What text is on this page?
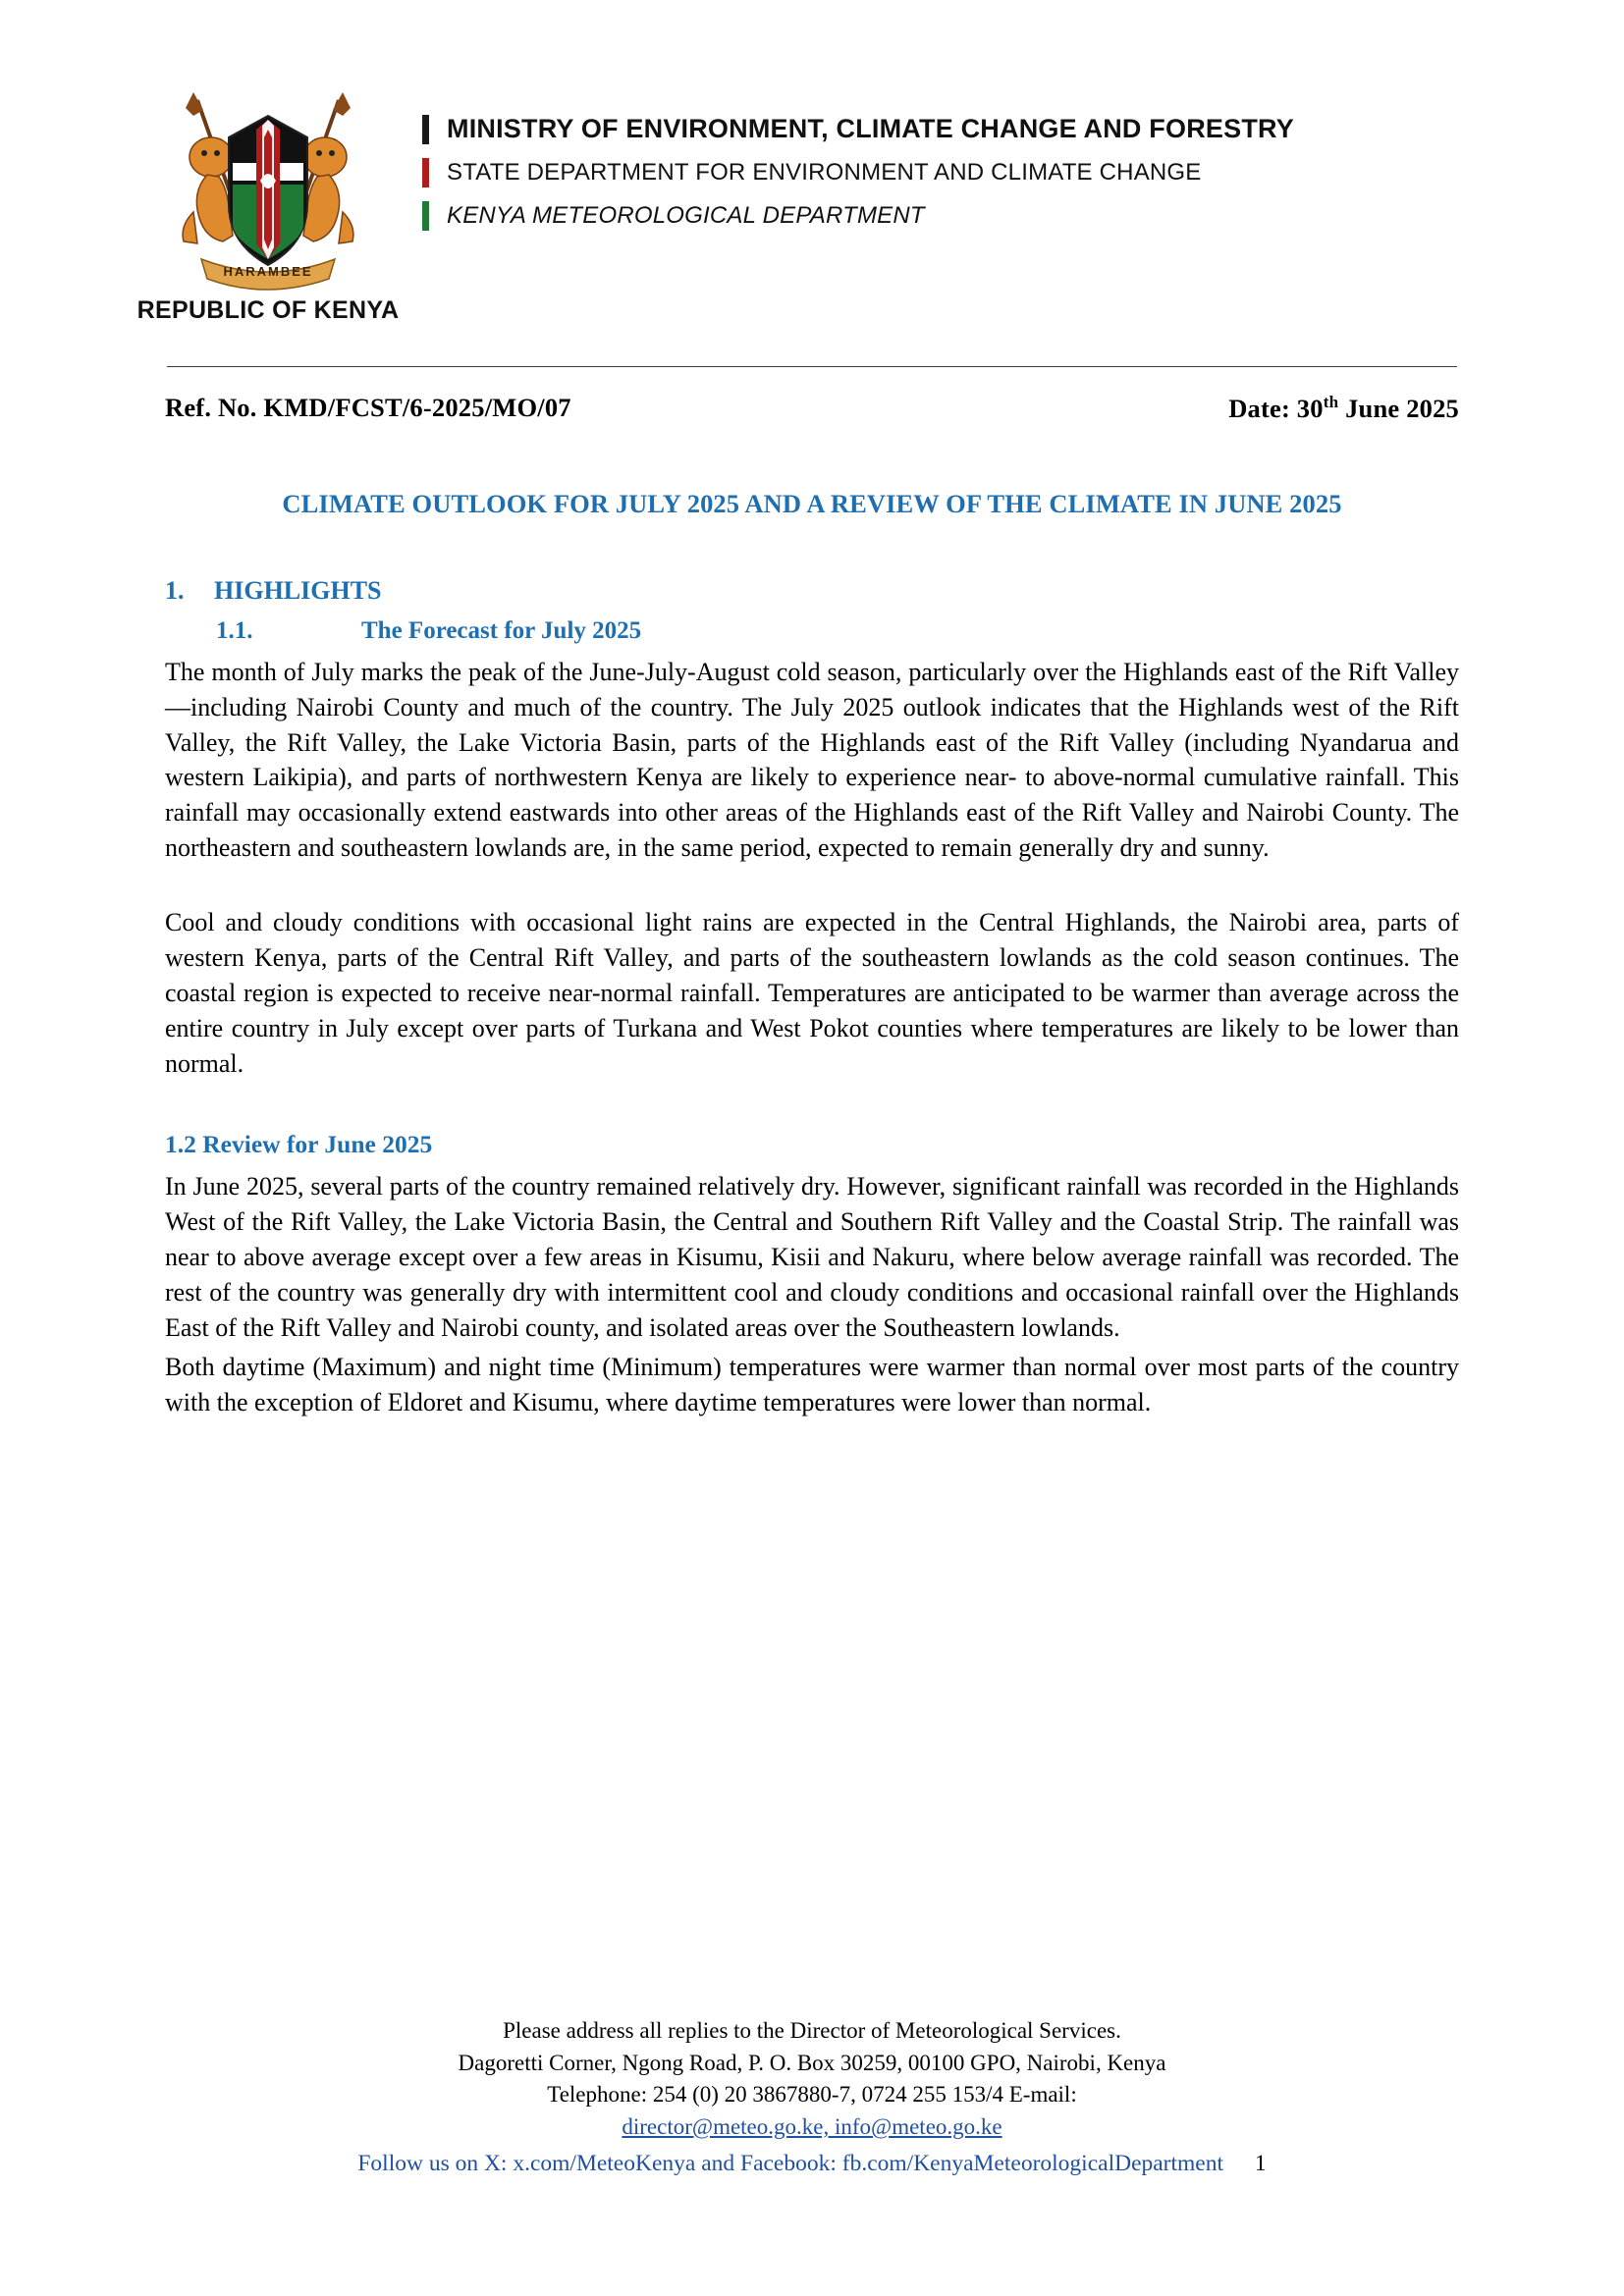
HARAMBEE
REPUBLIC OF KENYA
MINISTRY OF ENVIRONMENT, CLIMATE CHANGE AND FORESTRY
STATE DEPARTMENT FOR ENVIRONMENT AND CLIMATE CHANGE
KENYA METEOROLOGICAL DEPARTMENT
Ref. No. KMD/FCST/6-2025/MO/07	Date: 30th June 2025
CLIMATE OUTLOOK FOR JULY 2025 AND A REVIEW OF THE CLIMATE IN JUNE 2025
1.	HIGHLIGHTS
1.1.	The Forecast for July 2025

The month of July marks the peak of the June-July-August cold season, particularly over the Highlands east of the Rift Valley—including Nairobi County and much of the country. The July 2025 outlook indicates that the Highlands west of the Rift Valley, the Rift Valley, the Lake Victoria Basin, parts of the Highlands east of the Rift Valley (including Nyandarua and western Laikipia), and parts of northwestern Kenya are likely to experience near- to above-normal cumulative rainfall. This rainfall may occasionally extend eastwards into other areas of the Highlands east of the Rift Valley and Nairobi County. The northeastern and southeastern lowlands are, in the same period, expected to remain generally dry and sunny.

Cool and cloudy conditions with occasional light rains are expected in the Central Highlands, the Nairobi area, parts of western Kenya, parts of the Central Rift Valley, and parts of the southeastern lowlands as the cold season continues. The coastal region is expected to receive near-normal rainfall. Temperatures are anticipated to be warmer than average across the entire country in July except over parts of Turkana and West Pokot counties where temperatures are likely to be lower than normal.

1.2 Review for June 2025

In June 2025, several parts of the country remained relatively dry. However, significant rainfall was recorded in the Highlands West of the Rift Valley, the Lake Victoria Basin, the Central and Southern Rift Valley and the Coastal Strip. The rainfall was near to above average except over a few areas in Kisumu, Kisii and Nakuru, where below average rainfall was recorded. The rest of the country was generally dry with intermittent cool and cloudy conditions and occasional rainfall over the Highlands East of the Rift Valley and Nairobi county, and isolated areas over the Southeastern lowlands.

Both daytime (Maximum) and night time (Minimum) temperatures were warmer than normal over most parts of the country with the exception of Eldoret and Kisumu, where daytime temperatures were lower than normal.

Please address all replies to the Director of Meteorological Services.
Dagoretti Corner, Ngong Road, P. O. Box 30259, 00100 GPO, Nairobi, Kenya
Telephone: 254 (0) 20 3867880-7, 0724 255 153/4 E-mail:
director@meteo.go.ke, info@meteo.go.ke
Follow us on X: x.com/MeteoKenya and Facebook: fb.com/KenyaMeteorologicalDepartment 1
